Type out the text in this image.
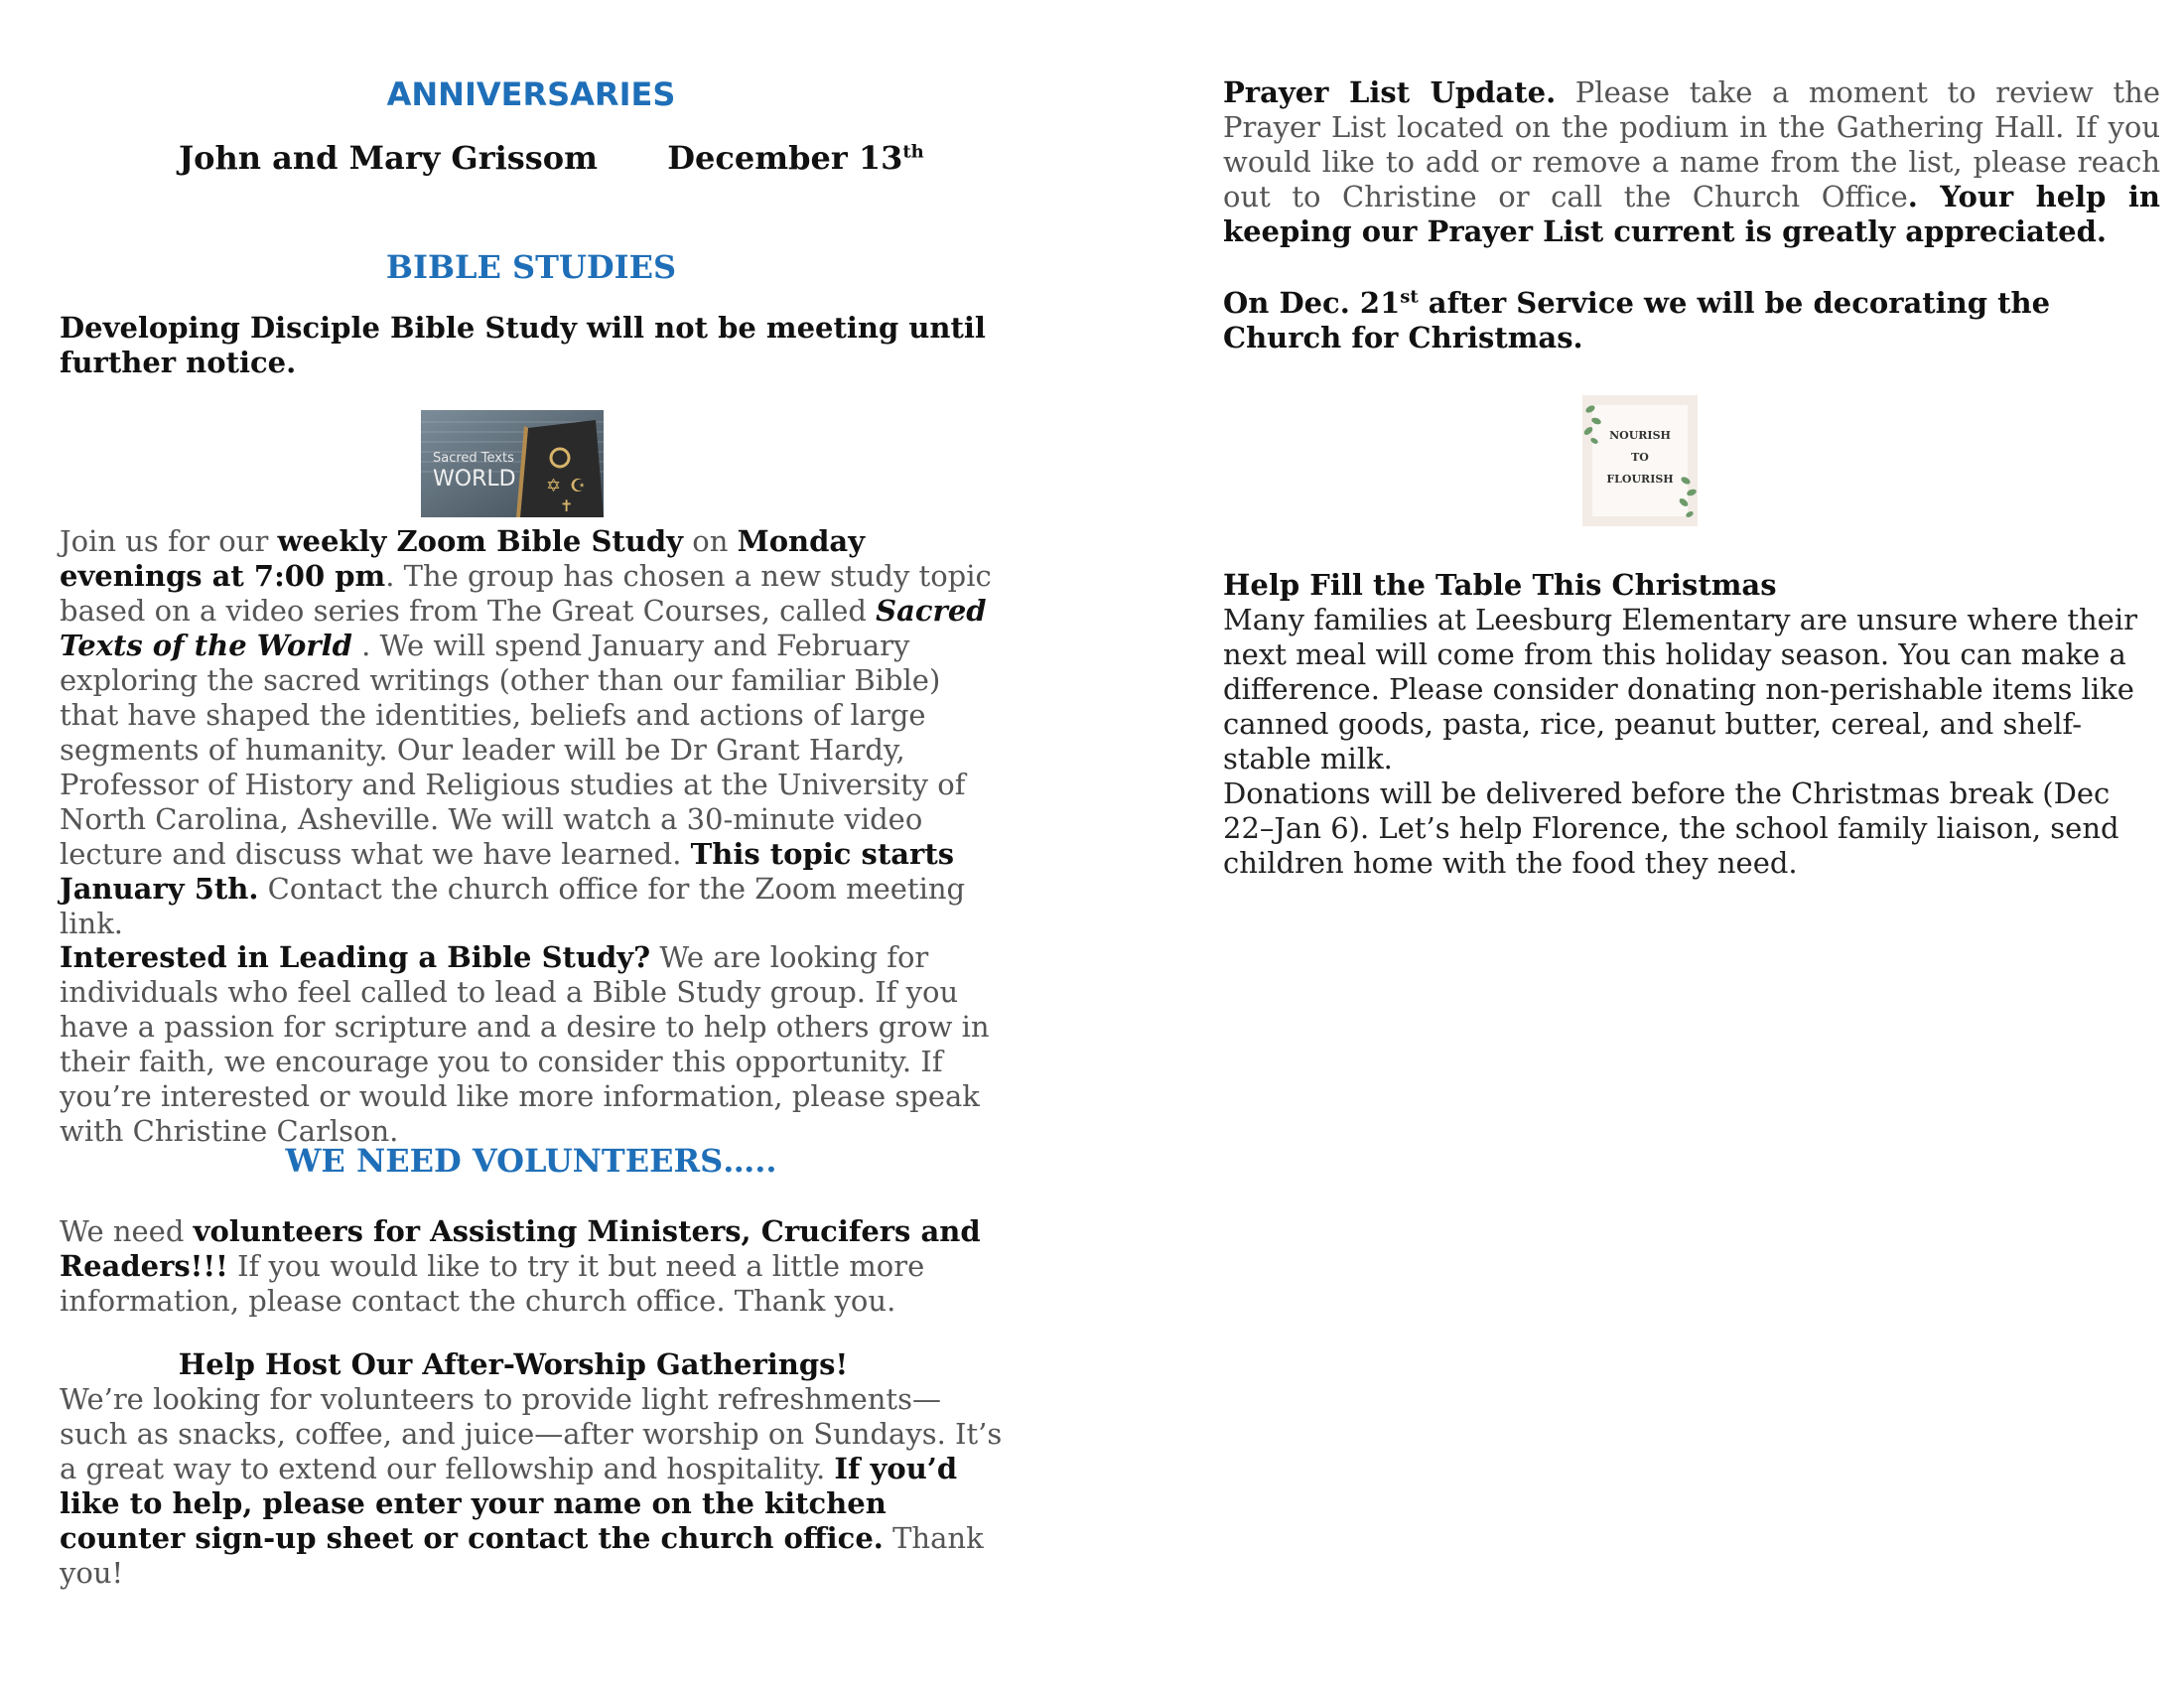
ANNIVERSARIES
John and Mary Grissom December 13th
BIBLE STUDIES

Developing Disciple Bible Study will not be meeting until further notice.

✡ ☪
✝
Sacred Texts
WORLD

Join us for our weekly Zoom Bible Study on Monday evenings at 7:00 pm. The group has chosen a new study topic based on a video series from The Great Courses, called Sacred Texts of the World . We will spend January and February exploring the sacred writings (other than our familiar Bible) that have shaped the identities, beliefs and actions of large segments of humanity. Our leader will be Dr Grant Hardy, Professor of History and Religious studies at the University of North Carolina, Asheville. We will watch a 30-minute video lecture and discuss what we have learned. This topic starts January 5th. Contact the church office for the Zoom meeting link.

Interested in Leading a Bible Study? We are looking for individuals who feel called to lead a Bible Study group. If you have a passion for scripture and a desire to help others grow in their faith, we encourage you to consider this opportunity. If you’re interested or would like more information, please speak with Christine Carlson.

WE NEED VOLUNTEERS…..

We need volunteers for Assisting Ministers, Crucifers and Readers!!! If you would like to try it but need a little more information, please contact the church office. Thank you.

Help Host Our After-Worship Gatherings!

We’re looking for volunteers to provide light refreshments—such as snacks, coffee, and juice—after worship on Sundays. It’s a great way to extend our fellowship and hospitality. If you’d like to help, please enter your name on the kitchen counter sign-up sheet or contact the church office. Thank you!

Prayer List Update. Please take a moment to review the Prayer List located on the podium in the Gathering Hall. If you would like to add or remove a name from the list, please reach out to Christine or call the Church Office. Your help in keeping our Prayer List current is greatly appreciated.

On Dec. 21st after Service we will be decorating the Church for Christmas.

NOURISH
TO
FLOURISH

Help Fill the Table This Christmas

Many families at Leesburg Elementary are unsure where their next meal will come from this holiday season. You can make a difference. Please consider donating non-perishable items like canned goods, pasta, rice, peanut butter, cereal, and shelf-stable milk.
Donations will be delivered before the Christmas break (Dec 22–Jan 6). Let’s help Florence, the school family liaison, send children home with the food they need.
